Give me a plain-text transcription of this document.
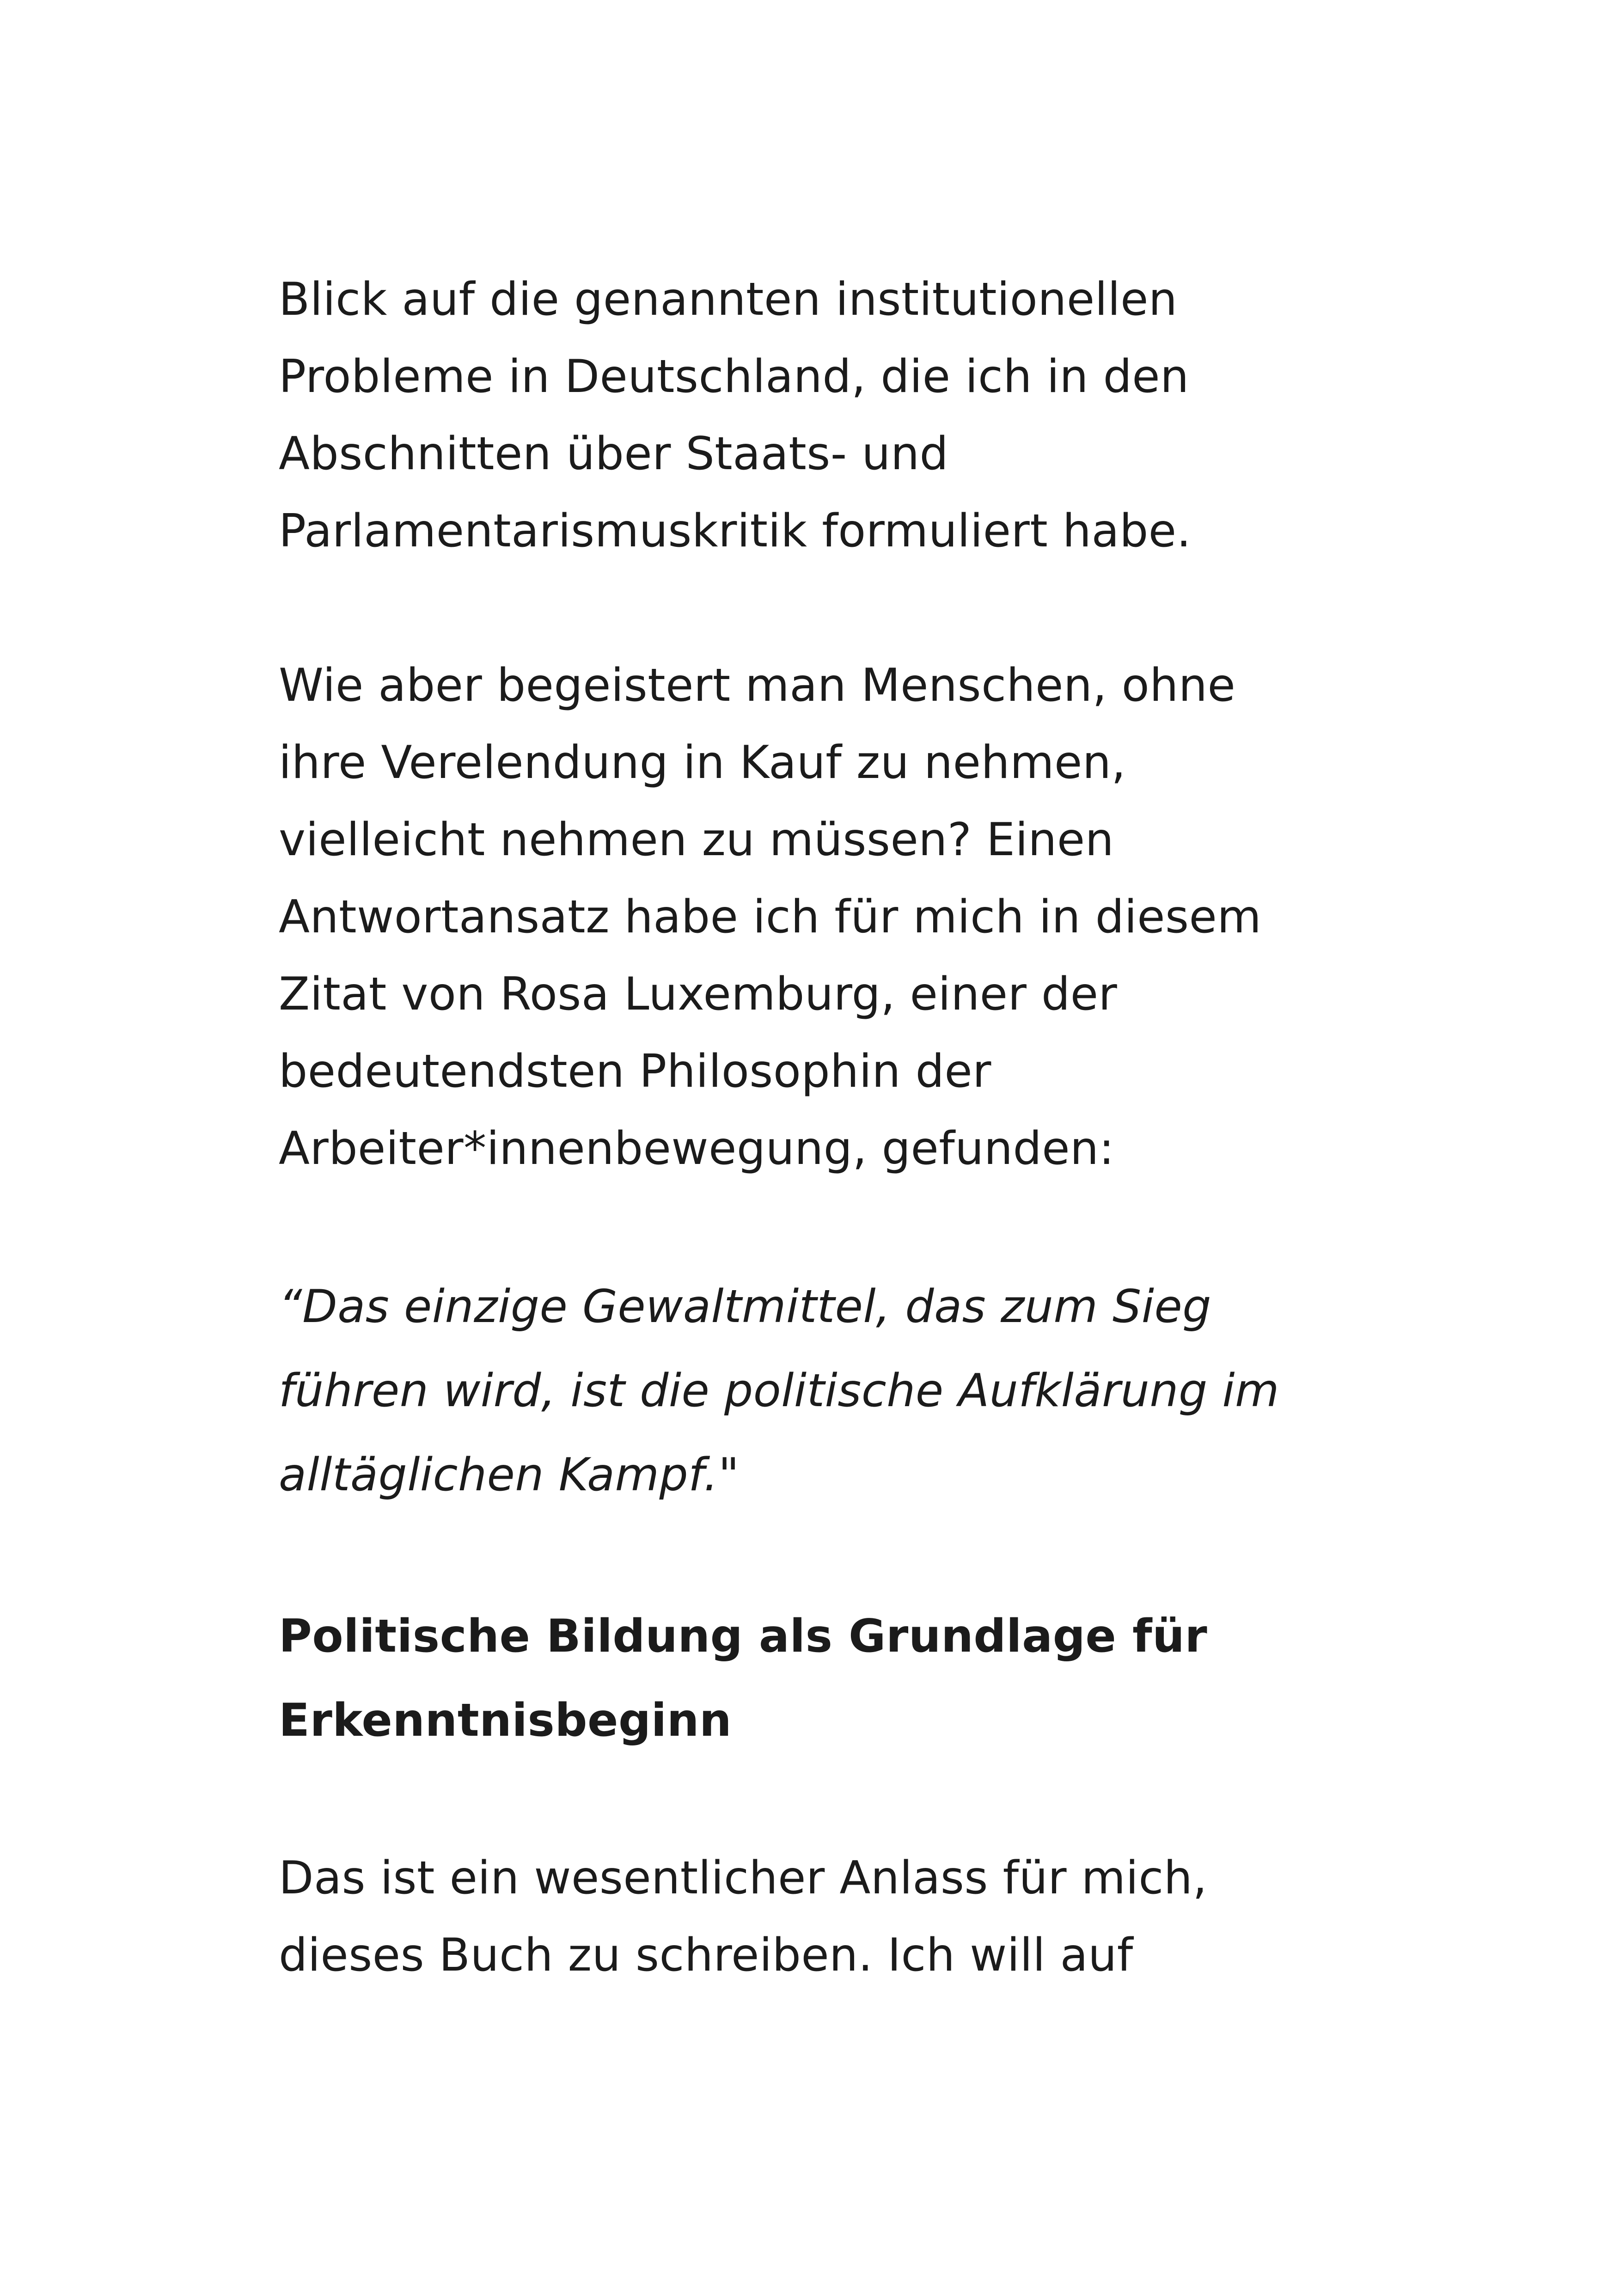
Blick auf die genannten institutionellen
Probleme in Deutschland, die ich in den
Abschnitten über Staats- und
Parlamentarismuskritik formuliert habe.
Wie aber begeistert man Menschen, ohne
ihre Verelendung in Kauf zu nehmen,
vielleicht nehmen zu müssen? Einen
Antwortansatz habe ich für mich in diesem
Zitat von Rosa Luxemburg, einer der
bedeutendsten Philosophin der
Arbeiter*innenbewegung, gefunden:
“Das einzige Gewaltmittel, das zum Sieg
führen wird, ist die politische Aufklärung im
alltäglichen Kampf."
Politische Bildung als Grundlage für
Erkenntnisbeginn
Das ist ein wesentlicher Anlass für mich,
dieses Buch zu schreiben. Ich will auf
